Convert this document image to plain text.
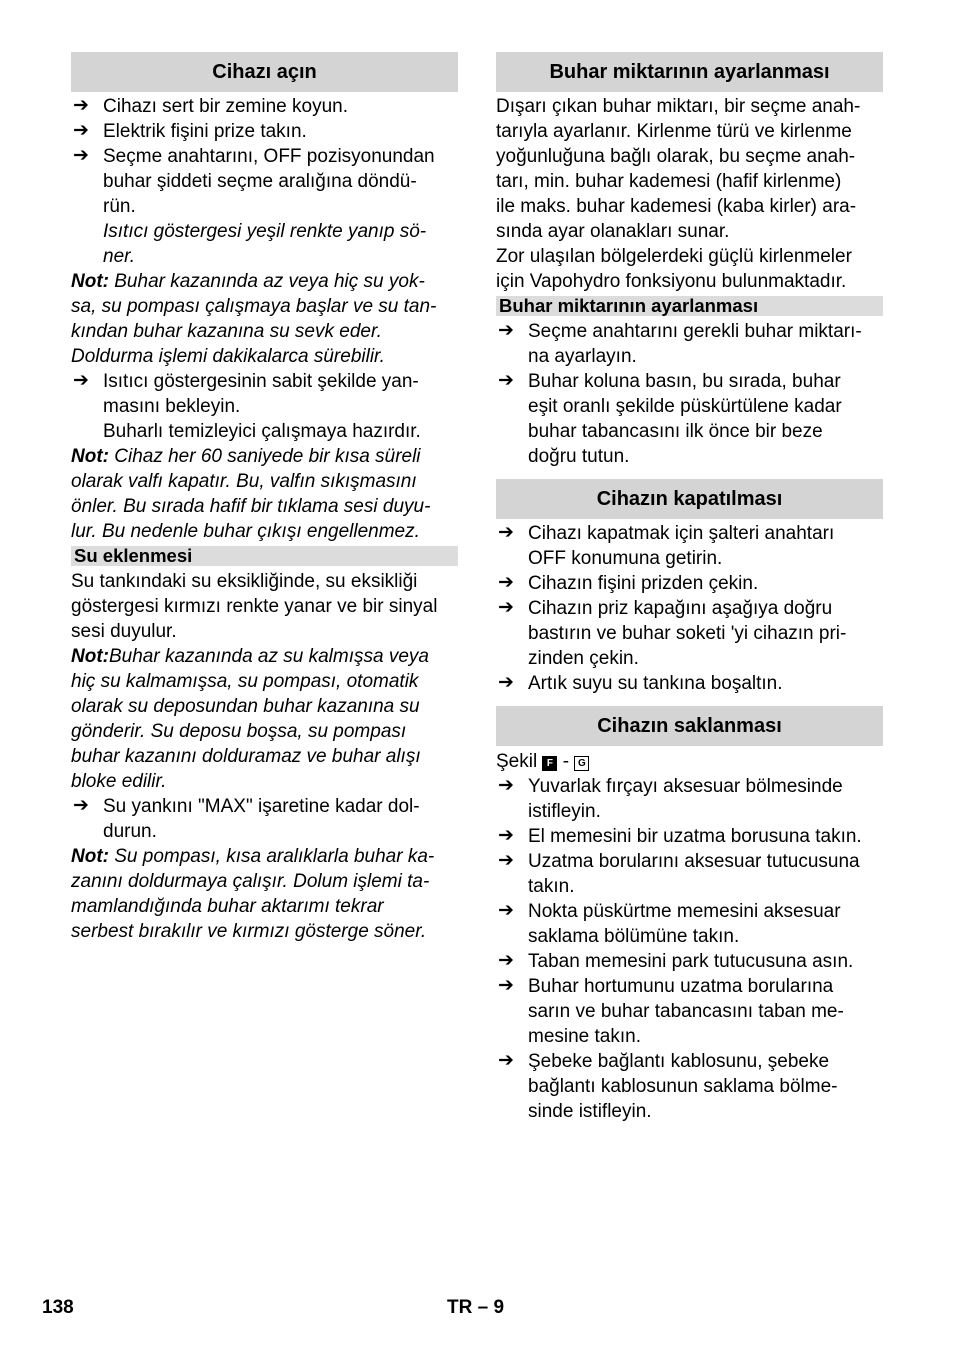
Cihazı açın
➔ Cihazı sert bir zemine koyun.
➔ Elektrik fişini prize takın.
➔ Seçme anahtarını, OFF pozisyonundan
buhar şiddeti seçme aralığına döndü-
rün.
Isıtıcı göstergesi yeşil renkte yanıp sö-
ner.
Not: Buhar kazanında az veya hiç su yok-
sa, su pompası çalışmaya başlar ve su tan-
kından buhar kazanına su sevk eder.
Doldurma işlemi dakikalarca sürebilir.
➔ Isıtıcı göstergesinin sabit şekilde yan-
masını bekleyin.
Buharlı temizleyici çalışmaya hazırdır.
Not: Cihaz her 60 saniyede bir kısa süreli
olarak valfı kapatır. Bu, valfın sıkışmasını
önler. Bu sırada hafif bir tıklama sesi duyu-
lur. Bu nedenle buhar çıkışı engellenmez.
Su eklenmesi
Su tankındaki su eksikliğinde, su eksikliği
göstergesi kırmızı renkte yanar ve bir sinyal
sesi duyulur.
Not:Buhar kazanında az su kalmışsa veya
hiç su kalmamışsa, su pompası, otomatik
olarak su deposundan buhar kazanına su
gönderir. Su deposu boşsa, su pompası
buhar kazanını dolduramaz ve buhar alışı
bloke edilir.
➔ Su yankını "MAX" işaretine kadar dol-
durun.
Not: Su pompası, kısa aralıklarla buhar ka-
zanını doldurmaya çalışır. Dolum işlemi ta-
mamlandığında buhar aktarımı tekrar
serbest bırakılır ve kırmızı gösterge söner.
Buhar miktarının ayarlanması
Dışarı çıkan buhar miktarı, bir seçme anah-
tarıyla ayarlanır. Kirlenme türü ve kirlenme
yoğunluğuna bağlı olarak, bu seçme anah-
tarı, min. buhar kademesi (hafif kirlenme)
ile maks. buhar kademesi (kaba kirler) ara-
sında ayar olanakları sunar.
Zor ulaşılan bölgelerdeki güçlü kirlenmeler
için Vapohydro fonksiyonu bulunmaktadır.
Buhar miktarının ayarlanması
➔ Seçme anahtarını gerekli buhar miktarı-
na ayarlayın.
➔ Buhar koluna basın, bu sırada, buhar
eşit oranlı şekilde püskürtülene kadar
buhar tabancasını ilk önce bir beze
doğru tutun.
Cihazın kapatılması
➔ Cihazı kapatmak için şalteri anahtarı
OFF konumuna getirin.
➔ Cihazın fişini prizden çekin.
➔ Cihazın priz kapağını aşağıya doğru
bastırın ve buhar soketi 'yi cihazın pri-
zinden çekin.
➔ Artık suyu su tankına boşaltın.
Cihazın saklanması
Şekil F - G
➔ Yuvarlak fırçayı aksesuar bölmesinde
istifleyin.
➔ El memesini bir uzatma borusuna takın.
➔ Uzatma borularını aksesuar tutucusuna
takın.
➔ Nokta püskürtme memesini aksesuar
saklama bölümüne takın.
➔ Taban memesini park tutucusuna asın.
➔ Buhar hortumunu uzatma borularına
sarın ve buhar tabancasını taban me-
mesine takın.
➔ Şebeke bağlantı kablosunu, şebeke
bağlantı kablosunun saklama bölme-
sinde istifleyin.
138	TR – 9
